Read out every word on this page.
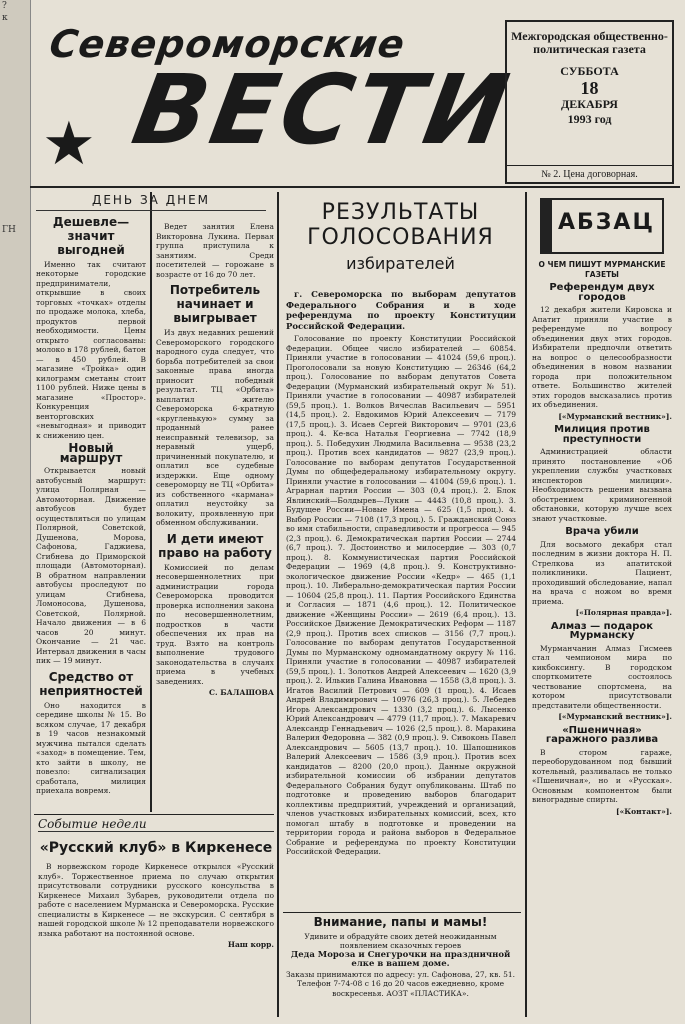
?
к
ГН
Североморские
★ ВЕСТИ
Межгородская общественно-политическая газета
СУББОТА
18
ДЕКАБРЯ
1993 год
№ 2. Цена договорная.
ДЕНЬ ЗА ДНЕМ
Дешевле— значит выгодней

Именно так считают некоторые городские предприниматели, открывшие в своих торговых «точках» отделы по продаже молока, хлеба, продуктов первой необходимости. Цены открыто согласованы: молоко в 178 рублей, батон — в 450 рублей. В магазине «Тройка» один килограмм сметаны стоит 1100 рублей. Ниже цены в магазине «Простор». Конкуренция венторговских «невыгодная» и приводит к снижению цен.

Новый маршрут

Открывается новый автобусный маршрут: улица Полярная — Автомоторная. Движение автобусов будет осуществляться по улицам Полярной, Советской, Душенова, Морова, Сафонова, Гаджиева, Сгибнева до Приморской площади (Автомоторная). В обратном направлении автобусы проследуют по улицам Сгибнева, Ломоносова, Душенова, Советской, Полярной. Начало движения — в 6 часов 20 минут. Окончание — 21 час. Интервал движения в часы пик — 19 минут.

Средство от неприятностей

Оно находится в середине школы № 15. Во всяком случае, 17 декабря в 19 часов незнакомый мужчина пытался сделать «заход» в помещение. Тем, кто зайти в школу, не повезло: сигнализация сработала, милиция приехала вовремя.

Ведет занятия Елена Викторовна Лукина. Первая группа приступила к занятиям. Среди посетителей — горожане в возрасте от 16 до 70 лет.

Потребитель начинает и выигрывает

Из двух недавних решений Североморского городского народного суда следует, что борьба потребителей за свои законные права иногда приносит победный результат. ТЦ «Орбита» выплатил жителю Североморска 6-кратную «кругленькую» сумму за проданный ранее неисправный телевизор, за неравный ущерб, причиненный покупателю, и оплатил все судебные издержки. Еще одному североморцу не ТЦ «Орбита» из собственного «кармана» оплатил неустойку за волокиту, проявленную при обменном обслуживании.

И дети имеют право на работу

Комиссией по делам несовершеннолетних при администрации города Североморска проводится проверка исполнения закона по несовершеннолетним, подростков в части обеспечения их прав на труд. Взято на контроль выполнение трудового законодательства в случаях приема в учебных заведениях.

С. БАЛАШОВА
РЕЗУЛЬТАТЫ
ГОЛОСОВАНИЯ
избирателей

г. Североморска по выборам депутатов Федерального Собрания и в ходе референдума по проекту Конституции Российской Федерации.

Голосование по проекту Конституции Российской Федерации. Общее число избирателей — 60854. Приняли участие в голосовании — 41024 (59,6 проц.). Проголосовали за новую Конституцию — 26346 (64,2 проц.). Голосование по выборам депутатов Совета Федерации (Мурманский избирательный округ № 51). Приняли участие в голосовании — 40987 избирателей (59,5 проц.). 1. Волков Вячеслав Васильевич — 5951 (14,5 проц.). 2. Евдокимов Юрий Алексеевич — 7179 (17,5 проц.). 3. Исаев Сергей Викторович — 9701 (23,6 проц.). 4. Ке-вса Наталья Георгиевна — 7742 (18,9 проц.). 5. Победухин Людмила Васильевна — 9538 (23,2 проц.). Против всех кандидатов — 9827 (23,9 проц.). Голосование по выборам депутатов Государственной Думы по общефедеральному избирательному округу. Приняли участие в голосовании — 41004 (59,6 проц.). 1. Аграрная партия России — 303 (0,4 проц.). 2. Блок Явлинский—Болдырев—Лукин — 4443 (10,8 проц.). 3. Будущее России—Новые Имена — 625 (1,5 проц.). 4. Выбор России — 7108 (17,3 проц.). 5. Гражданский Союз во имя стабильности, справедливости и прогресса — 945 (2,3 проц.). 6. Демократическая партия России — 2744 (6,7 проц.). 7. Достоинство и милосердие — 303 (0,7 проц.). 8. Коммунистическая партия Российской Федерации — 1969 (4,8 проц.). 9. Конструктивно-экологическое движение России «Кедр» — 465 (1,1 проц.). 10. Либерально-демократическая партия России — 10604 (25,8 проц.). 11. Партия Российского Единства и Согласия — 1871 (4,6 проц.). 12. Политическое движение «Женщины России» — 2619 (6,4 проц.). 13. Российское Движение Демократических Реформ — 1187 (2,9 проц.). Против всех списков — 3156 (7,7 проц.). Голосование по выборам депутатов Государственной Думы по Мурманскому одномандатному округу № 116. Приняли участие в голосовании — 40987 избирателей (59,5 проц.). 1. Золотков Андрей Алексеевич — 1620 (3,9 проц.). 2. Илькив Галина Ивановна — 1558 (3,8 проц.). 3. Игатов Василий Петрович — 609 (1 проц.). 4. Исаев Андрей Владимирович — 10976 (26,3 проц.). 5. Лебедев Игорь Александрович — 1330 (3,2 проц.). 6. Лысенко Юрий Александрович — 4779 (11,7 проц.). 7. Макаревич Александр Геннадьевич — 1026 (2,5 проц.). 8. Маракина Валерия Федоровна — 382 (0,9 проц.). 9. Сивоконь Павел Александрович — 5605 (13,7 проц.). 10. Шапошников Валерий Алексеевич — 1586 (3,9 проц.). Против всех кандидатов — 8200 (20,0 проц.). Данные окружной избирательной комиссии об избрании депутатов Федерального Собрания будут опубликованы. Штаб по подготовке и проведению выборов благодарит коллективы предприятий, учреждений и организаций, членов участковых избирательных комиссий, всех, кто помогал штабу в подготовке и проведении на территории города и района выборов в Федеральное Собрание и референдума по проекту Конституции Российской Федерации.

Внимание, папы и мамы!
Удивите и обрадуйте своих детей неожиданным появлением сказочных героев
Деда Мороза и Снегурочки на праздничной елке в вашем доме.
Заказы принимаются по адресу: ул. Сафонова, 27, кв. 51. Телефон 7-74-08 с 16 до 20 часов ежедневно, кроме воскресенья. АОЗТ «ПЛАСТИКА».
АБЗАЦ
О ЧЕМ ПИШУТ МУРМАНСКИЕ ГАЗЕТЫ
Референдум двух городов

12 декабря жители Кировска и Апатит приняли участие в референдуме по вопросу объединения двух этих городов. Избиратели предпочли ответить на вопрос о целесообразности объединения в новом названии города при положительном ответе. Большинство жителей этих городов высказались против их объединения.

[«Мурманский вестник»].
Милиция против преступности

Администрацией области принято постановление «Об укреплении службы участковых инспекторов милиции». Необходимость решения вызвана обострением криминогенной обстановки, которую лучше всех знают участковые.

Врача убили

Для восьмого декабря стал последним в жизни доктора Н. П. Стрелкова из апатитской поликлиники. Пациент, проходивший обследование, напал на врача с ножом во время приема.

[«Полярная правда»].
Алмаз — подарок Мурманску

Мурманчанин Алмаз Гисмеев стал чемпионом мира по кикбоксингу. В городском спорткомитете состоялось чествование спортсмена, на котором присутствовали представители общественности.

[«Мурманский вестник»].
«Пшеничная» гаражного разлива

В стором гараже, переоборудованном под бывший котельный, разливалась не только «Пшеничная», но и «Русская». Основным компонентом были виноградные спирты.

[«Контакт»].
Событие недели
«Русский клуб» в Киркенесе

В норвежском городе Киркенесе открылся «Русский клуб». Торжественное приема по случаю открытия присутствовали сотрудники русского консульства в Киркенесе Михаил Зубарев, руководители отдела по работе с населением Мурманска и Североморска. Русские специалисты в Киркенесе — не экскурсия. С сентября в нашей городской школе № 12 преподаватели норвежского языка работают на постоянной основе.

Наш корр.
